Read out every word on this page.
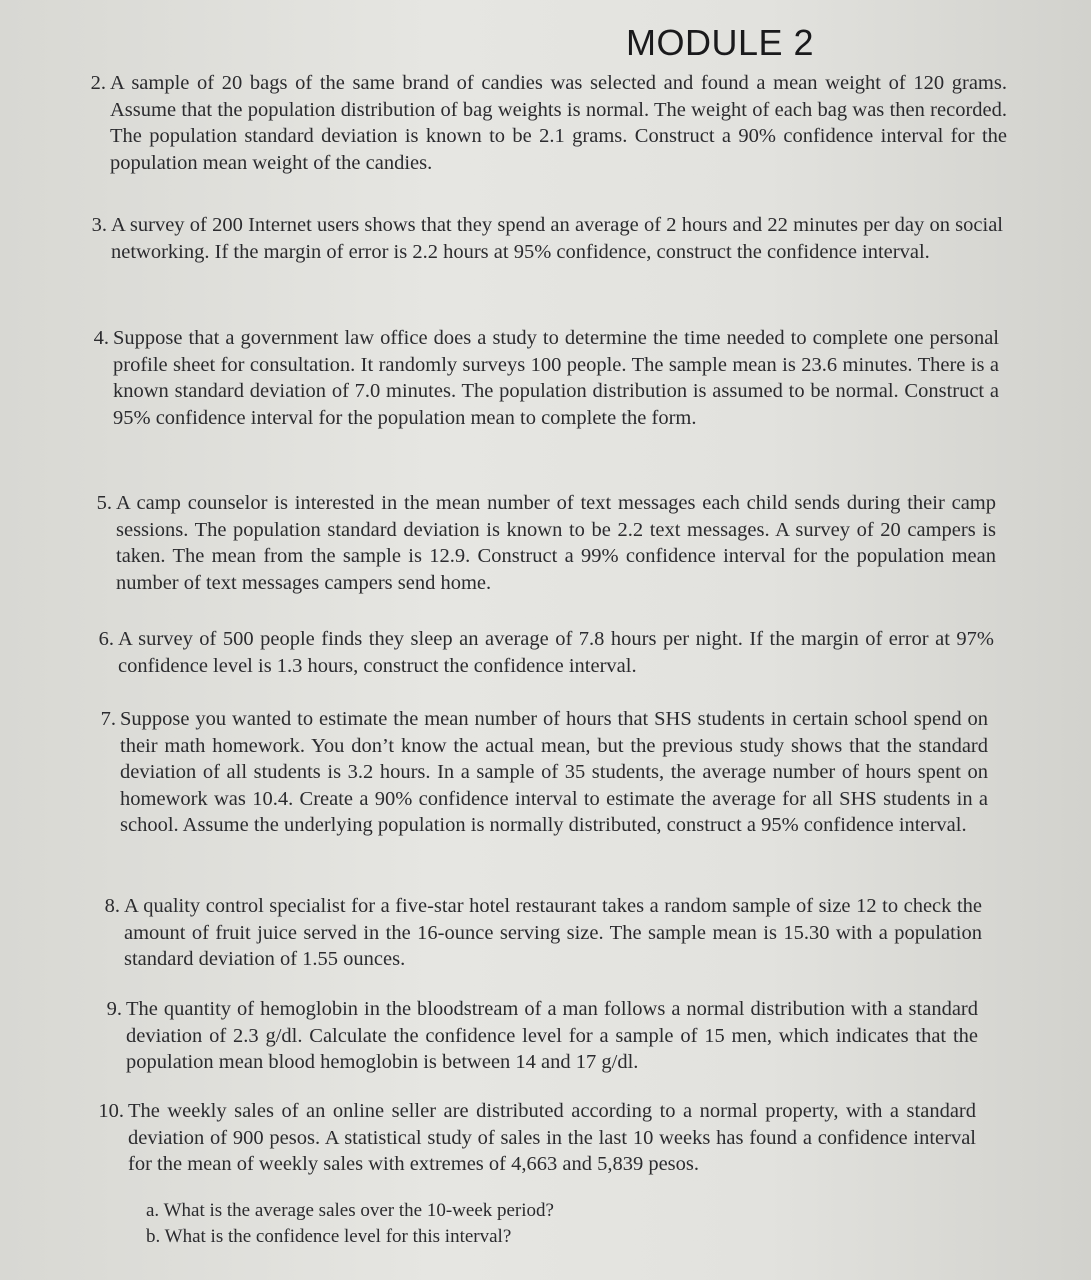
MODULE 2
2. A sample of 20 bags of the same brand of candies was selected and found a mean weight of 120 grams. Assume that the population distribution of bag weights is normal. The weight of each bag was then recorded. The population standard deviation is known to be 2.1 grams. Construct a 90% confidence interval for the population mean weight of the candies.
3. A survey of 200 Internet users shows that they spend an average of 2 hours and 22 minutes per day on social networking. If the margin of error is 2.2 hours at 95% confidence, construct the confidence interval.
4. Suppose that a government law office does a study to determine the time needed to complete one personal profile sheet for consultation. It randomly surveys 100 people. The sample mean is 23.6 minutes. There is a known standard deviation of 7.0 minutes. The population distribution is assumed to be normal. Construct a 95% confidence interval for the population mean to complete the form.
5. A camp counselor is interested in the mean number of text messages each child sends during their camp sessions. The population standard deviation is known to be 2.2 text messages. A survey of 20 campers is taken. The mean from the sample is 12.9. Construct a 99% confidence interval for the population mean number of text messages campers send home.
6. A survey of 500 people finds they sleep an average of 7.8 hours per night. If the margin of error at 97% confidence level is 1.3 hours, construct the confidence interval.
7. Suppose you wanted to estimate the mean number of hours that SHS students in certain school spend on their math homework. You don’t know the actual mean, but the previous study shows that the standard deviation of all students is 3.2 hours. In a sample of 35 students, the average number of hours spent on homework was 10.4. Create a 90% confidence interval to estimate the average for all SHS students in a school. Assume the underlying population is normally distributed, construct a 95% confidence interval.
8. A quality control specialist for a five-star hotel restaurant takes a random sample of size 12 to check the amount of fruit juice served in the 16-ounce serving size. The sample mean is 15.30 with a population standard deviation of 1.55 ounces.
9. The quantity of hemoglobin in the bloodstream of a man follows a normal distribution with a standard deviation of 2.3 g/dl. Calculate the confidence level for a sample of 15 men, which indicates that the population mean blood hemoglobin is between 14 and 17 g/dl.
10. The weekly sales of an online seller are distributed according to a normal property, with a standard deviation of 900 pesos. A statistical study of sales in the last 10 weeks has found a confidence interval for the mean of weekly sales with extremes of 4,663 and 5,839 pesos.
a. What is the average sales over the 10-week period?
b. What is the confidence level for this interval?
